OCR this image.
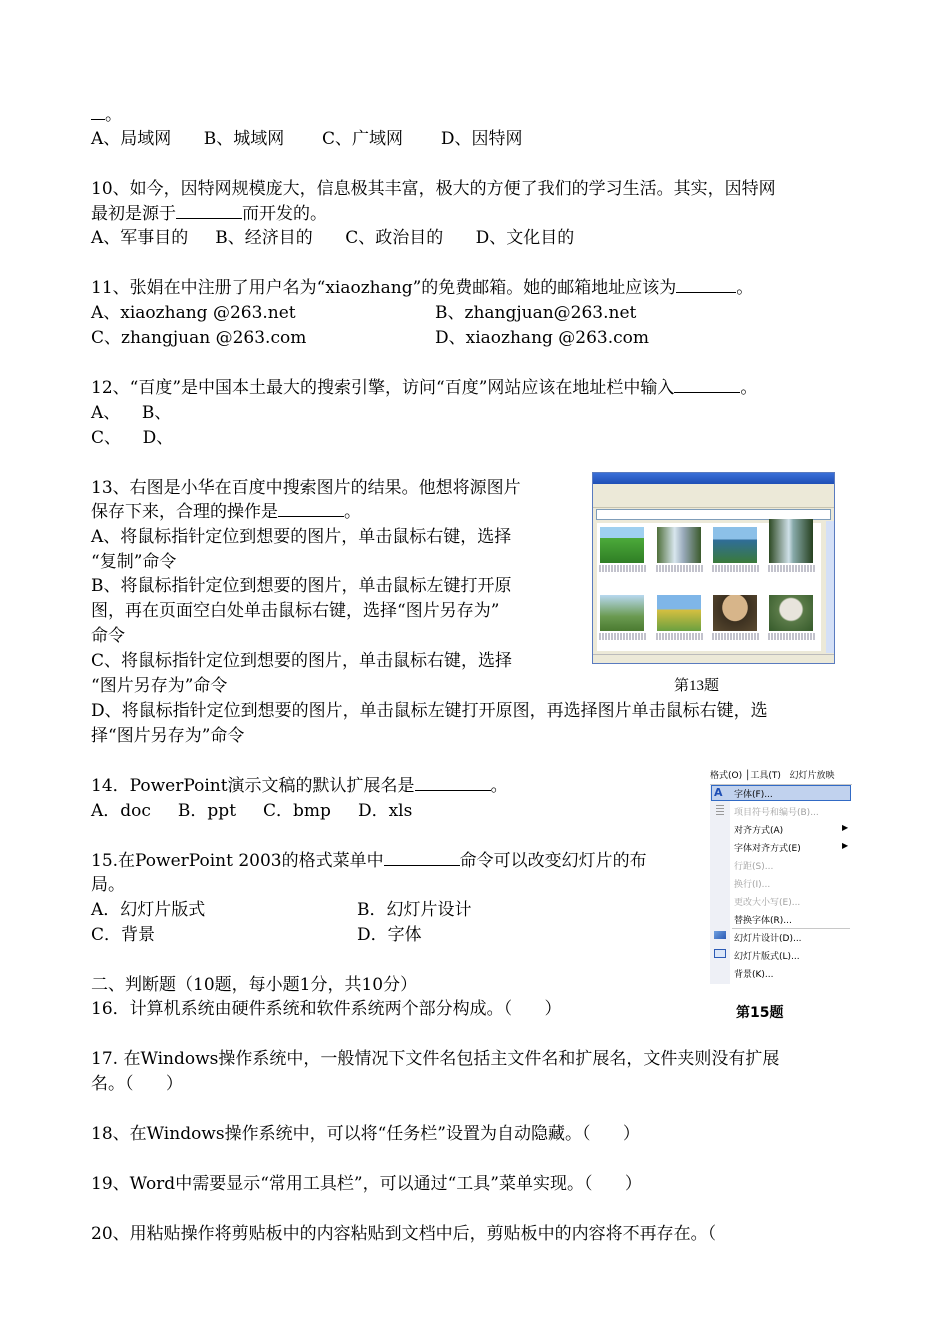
。
A、局域网      B、城域网       C、广域网       D、因特网
10、如今，因特网规模庞大，信息极其丰富，极大的方便了我们的学习生活。其实，因特网
最初是源于	而开发的。
A、军事目的     B、经济目的      C、政治目的      D、文化目的
11、张娟在中注册了用户名为“xiaozhang”的免费邮箱。她的邮箱地址应该为	。
A、xiaozhang @263.net	B、zhangjuan@263.net
C、zhangjuan @263.com	D、xiaozhang @263.com
12、“百度”是中国本土最大的搜索引擎，访问“百度”网站应该在地址栏中输入	。
A、    B、
C、    D、
13、右图是小华在百度中搜索图片的结果。他想将源图片
保存下来，合理的操作是	。
A、将鼠标指针定位到想要的图片，单击鼠标右键，选择
“复制”命令
B、将鼠标指针定位到想要的图片，单击鼠标左键打开原
图，再在页面空白处单击鼠标右键，选择“图片另存为”
命令
C、将鼠标指针定位到想要的图片，单击鼠标右键，选择
“图片另存为”命令
D、将鼠标指针定位到想要的图片，单击鼠标左键打开原图，再选择图片单击鼠标右键，选
择“图片另存为”命令
第13题
14．PowerPoint演示文稿的默认扩展名是	。
A．doc     B．ppt     C．bmp     D．xls
15.在PowerPoint 2003的格式菜单中	命令可以改变幻灯片的布
局。
A．幻灯片版式	B．幻灯片设计
C．背景	D．字体
格式(O) │工具(T)   幻灯片放映
A	字体(F)...
项目符号和编号(B)...
对齐方式(A)	▶
字体对齐方式(E)	▶
行距(S)...
换行(I)...
更改大小写(E)...
替换字体(R)...
幻灯片设计(D)...
幻灯片版式(L)...
背景(K)...
第15题
二、判断题（10题，每小题1分，共10分）
16．计算机系统由硬件系统和软件系统两个部分构成。（      ）
17. 在Windows操作系统中，一般情况下文件名包括主文件名和扩展名，文件夹则没有扩展
名。（      ）
18、在Windows操作系统中，可以将“任务栏”设置为自动隐藏。（      ）
19、Word中需要显示“常用工具栏”，可以通过“工具”菜单实现。（      ）
20、用粘贴操作将剪贴板中的内容粘贴到文档中后，剪贴板中的内容将不再存在。（
